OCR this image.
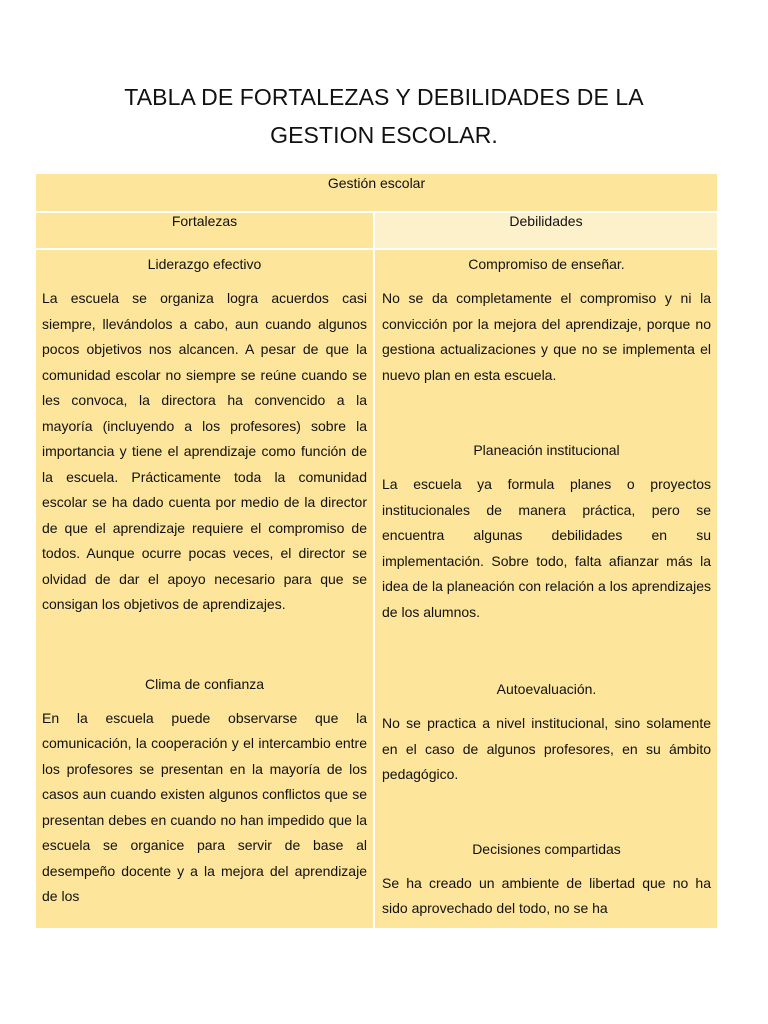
TABLA DE FORTALEZAS Y DEBILIDADES DE LA
GESTION ESCOLAR.
Gestión escolar
Fortalezas	Debilidades

Liderazgo efectivo

La escuela se organiza logra acuerdos casi siempre, llevándolos a cabo, aun cuando algunos pocos objetivos nos alcancen. A pesar de que la comunidad escolar no siempre se reúne cuando se les convoca, la directora ha convencido a la mayoría (incluyendo a los profesores) sobre la importancia y tiene el aprendizaje como función de la escuela. Prácticamente toda la comunidad escolar se ha dado cuenta por medio de la director de que el aprendizaje requiere el compromiso de todos. Aunque ocurre pocas veces, el director se olvidad de dar el apoyo necesario para que se consigan los objetivos de aprendizajes.

Clima de confianza

En la escuela puede observarse que la comunicación, la cooperación y el intercambio entre los profesores se presentan en la mayoría de los casos aun cuando existen algunos conflictos que se presentan debes en cuando no han impedido que la escuela se organice para servir de base al desempeño docente y a la mejora del aprendizaje de los

Compromiso de enseñar.

No se da completamente el compromiso y ni la convicción por la mejora del aprendizaje, porque no gestiona actualizaciones y que no se implementa el nuevo plan en esta escuela.

Planeación institucional

La escuela ya formula planes o proyectos institucionales de manera práctica, pero se encuentra algunas debilidades en su implementación. Sobre todo, falta afianzar más la idea de la planeación con relación a los aprendizajes de los alumnos.

Autoevaluación.

No se practica a nivel institucional, sino solamente en el caso de algunos profesores, en su ámbito pedagógico.

Decisiones compartidas

Se ha creado un ambiente de libertad que no ha sido aprovechado del todo, no se ha
